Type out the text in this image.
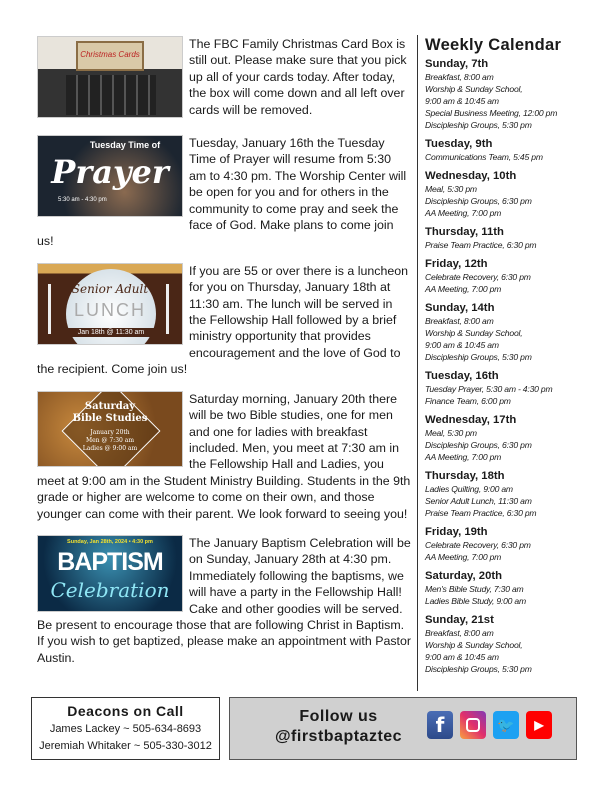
Christmas Cards

The FBC Family Christmas Card Box is still out. Please make sure that you pick up all of your cards today. After today, the box will come down and all left over cards will be removed.

Tuesday Time of
Prayer
5:30 am - 4:30 pm

Tuesday, January 16th the Tuesday Time of Prayer will resume from 5:30 am to 4:30 pm. The Worship Center will be open for you and for others in the community to come pray and seek the face of God. Make plans to come join us!

Senior Adult
LUNCH
Jan 18th @ 11:30 am

If you are 55 or over there is a luncheon for you on Thursday, January 18th at 11:30 am. The lunch will be served in the Fellowship Hall followed by a brief ministry opportunity that provides encouragement and the love of God to the recipient. Come join us!

Saturday
Bible Studies
January 20th
Men @ 7:30 am
Ladies @ 9:00 am

Saturday morning, January 20th there will be two Bible studies, one for men and one for ladies with breakfast included. Men, you meet at 7:30 am in the Fellowship Hall and Ladies, you meet at 9:00 am in the Student Ministry Building. Students in the 9th grade or higher are welcome to come on their own, and those younger can come with their parent. We look forward to seeing you!

Sunday, Jan 28th, 2024 • 4:30 pm
BAPTISM
Celebration

The January Baptism Celebration will be on Sunday, January 28th at 4:30 pm. Immediately following the baptisms, we will have a party in the Fellowship Hall! Cake and other goodies will be served. Be present to encourage those that are following Christ in Baptism. If you wish to get baptized, please make an appointment with Pastor Austin.

Weekly Calendar
Sunday, 7th
Breakfast, 8:00 am
Worship & Sunday School,
9:00 am & 10:45 am
Special Business Meeting, 12:00 pm
Discipleship Groups, 5:30 pm
Tuesday, 9th
Communications Team, 5:45 pm
Wednesday, 10th
Meal, 5:30 pm
Discipleship Groups, 6:30 pm
AA Meeting, 7:00 pm
Thursday, 11th
Praise Team Practice, 6:30 pm
Friday, 12th
Celebrate Recovery, 6:30 pm
AA Meeting, 7:00 pm
Sunday, 14th
Breakfast, 8:00 am
Worship & Sunday School,
9:00 am & 10:45 am
Discipleship Groups, 5:30 pm
Tuesday, 16th
Tuesday Prayer, 5:30 am - 4:30 pm
Finance Team, 6:00 pm
Wednesday, 17th
Meal, 5:30 pm
Discipleship Groups, 6:30 pm
AA Meeting, 7:00 pm
Thursday, 18th
Ladies Quilting, 9:00 am
Senior Adult Lunch, 11:30 am
Praise Team Practice, 6:30 pm
Friday, 19th
Celebrate Recovery, 6:30 pm
AA Meeting, 7:00 pm
Saturday, 20th
Men's Bible Study, 7:30 am
Ladies Bible Study, 9:00 am
Sunday, 21st
Breakfast, 8:00 am
Worship & Sunday School,
9:00 am & 10:45 am
Discipleship Groups, 5:30 pm
Deacons on Call
James Lackey ~ 505-634-8693
Jeremiah Whitaker ~ 505-330-3012
Follow us
@firstbaptaztec	f	🐦	▶
